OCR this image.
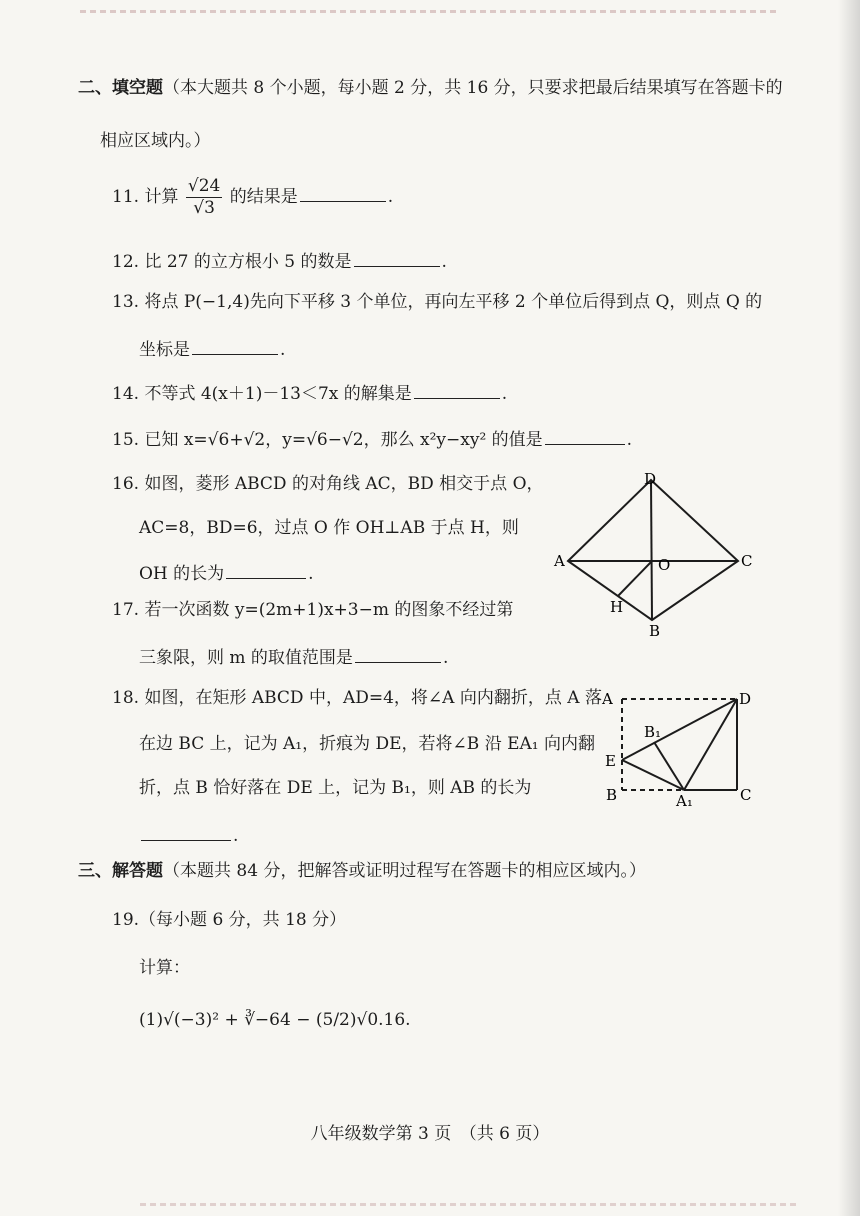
二、填空题（本大题共 8 个小题，每小题 2 分，共 16 分，只要求把最后结果填写在答题卡的
相应区域内。）
11. 计算 $\frac{√24}{√3}$ 的结果是	.
12. 比 27 的立方根小 5 的数是	.
13. 将点 P(−1,4)先向下平移 3 个单位，再向左平移 2 个单位后得到点 Q，则点 Q 的
坐标是	.
14. 不等式 4(x＋1)－13＜7x 的解集是	.
15. 已知 x=√6+√2，y=√6−√2，那么 x²y−xy² 的值是	.
16. 如图，菱形 ABCD 的对角线 AC，BD 相交于点 O，
AC=8，BD=6，过点 O 作 OH⊥AB 于点 H，则
OH 的长为	.
D
A	C
O
H
B
17. 若一次函数 y=(2m+1)x+3−m 的图象不经过第
三象限，则 m 的取值范围是	.
18. 如图，在矩形 ABCD 中，AD=4，将∠A 向内翻折，点 A 落
在边 BC 上，记为 A₁，折痕为 DE，若将∠B 沿 EA₁ 向内翻
折，点 B 恰好落在 DE 上，记为 B₁，则 AB 的长为
.
A	D
E
B₁
B	A₁	C
三、解答题（本题共 84 分，把解答或证明过程写在答题卡的相应区域内。）
19.（每小题 6 分，共 18 分）
计算：
(1)√(−3)² + ∛−64 − (5/2)√0.16.
八年级数学第 3 页　（共 6 页）
